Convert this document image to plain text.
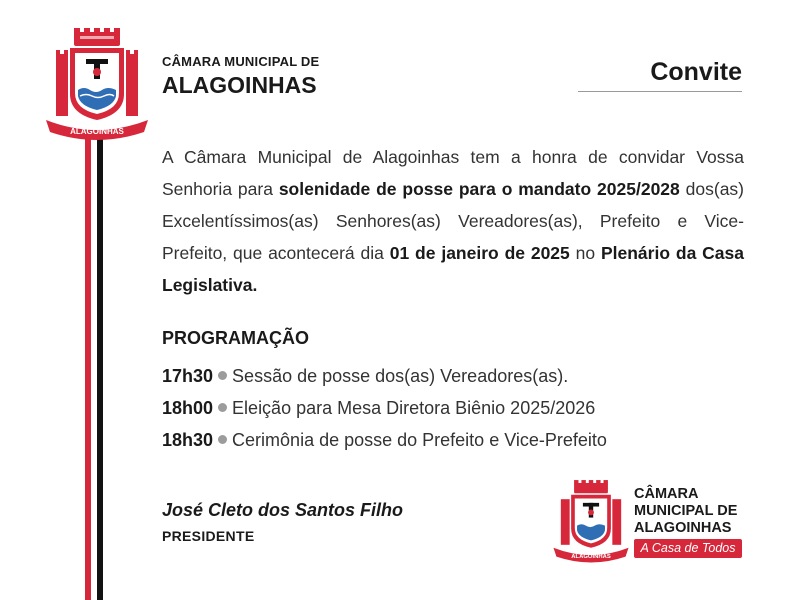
ALAGOINHAS
CÂMARA MUNICIPAL DE
ALAGOINHAS	Convite
A Câmara Municipal de Alagoinhas tem a honra de convidar Vossa Senhoria para solenidade de posse para o mandato 2025/2028 dos(as) Excelentíssimos(as) Senhores(as) Vereadores(as), Prefeito e Vice-Prefeito, que acontecerá dia 01 de janeiro de 2025 no Plenário da Casa Legislativa.
PROGRAMAÇÃO
17h30 Sessão de posse dos(as) Vereadores(as).
18h00 Eleição para Mesa Diretora Biênio 2025/2026
18h30 Cerimônia de posse do Prefeito e Vice-Prefeito
José Cleto dos Santos Filho
PRESIDENTE
ALAGOINHAS
CÂMARA
MUNICIPAL DE
ALAGOINHAS
A Casa de Todos
